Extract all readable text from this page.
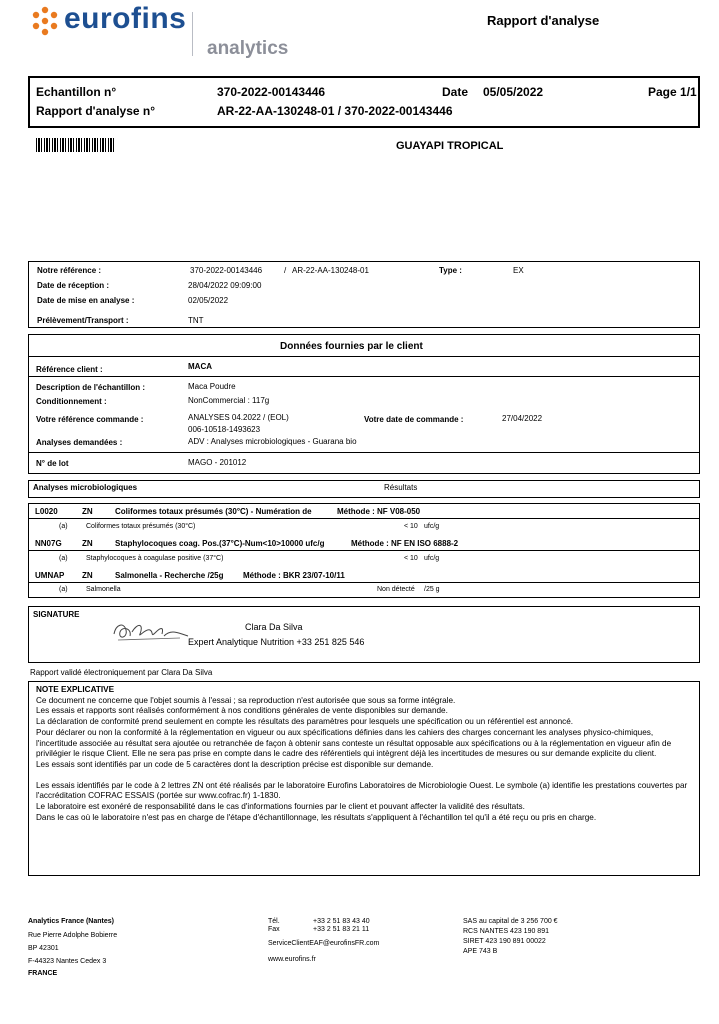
eurofins
analytics
Rapport d'analyse
Echantillon n°	370-2022-00143446	Date 05/05/2022	Page 1/1
Rapport d'analyse n°	AR-22-AA-130248-01 / 370-2022-00143446
GUAYAPI TROPICAL
Notre référence :	370-2022-00143446	/ AR-22-AA-130248-01	Type :	EX
Date de réception :	28/04/2022 09:09:00
Date de mise en analyse :	02/05/2022
Prélèvement/Transport :	TNT
Données fournies par le client
Référence client :	MACA
Description de l'échantillon :	Maca Poudre
Conditionnement :	NonCommercial : 117g
Votre référence commande :	ANALYSES 04.2022 / (EOL)
006-10518-1493623
Votre date de commande :	27/04/2022
Analyses demandées :	ADV : Analyses microbiologiques - Guarana bio
N° de lot	MAGO - 201012
Analyses microbiologiques	Résultats
L0020	ZN	Coliformes totaux présumés (30°C) - Numération de	Méthode : NF V08-050
(a)	Coliformes totaux présumés (30°C)	< 10 ufc/g
NN07G	ZN	Staphylocoques coag. Pos.(37°C)-Num<10>10000 ufc/g	Méthode : NF EN ISO 6888-2
(a)	Staphylocoques à coagulase positive (37°C)	< 10 ufc/g
UMNAP ZN	Salmonella - Recherche /25g Méthode : BKR 23/07-10/11
(a)	Salmonella	Non détecté /25 g
SIGNATURE
Clara Da Silva
Expert Analytique Nutrition +33 251 825 546
Rapport validé électroniquement par Clara Da Silva

NOTE EXPLICATIVE

Ce document ne concerne que l'objet soumis à l'essai ; sa reproduction n'est autorisée que sous sa forme intégrale.

Les essais et rapports sont réalisés conformément à nos conditions générales de vente disponibles sur demande.

La déclaration de conformité prend seulement en compte les résultats des paramètres pour lesquels une spécification ou un référentiel est annoncé.

Pour déclarer ou non la conformité à la réglementation en vigueur ou aux spécifications définies dans les cahiers des charges concernant les analyses physico-chimiques, l'incertitude associée au résultat sera ajoutée ou retranchée de façon à obtenir sans conteste un résultat opposable aux spécifications ou à la réglementation en vigueur afin de privilégier le risque Client. Elle ne sera pas prise en compte dans le cadre des référentiels qui intègrent déjà les incertitudes de mesures ou sur demande explicite du client.

Les essais sont identifiés par un code de 5 caractères dont la description précise est disponible sur demande.

Les essais identifiés par le code à 2 lettres ZN ont été réalisés par le laboratoire Eurofins Laboratoires de Microbiologie Ouest. Le symbole (a) identifie les prestations couvertes par l'accréditation COFRAC ESSAIS (portée sur www.cofrac.fr) 1-1830.

Le laboratoire est exonéré de responsabilité dans le cas d'informations fournies par le client et pouvant affecter la validité des résultats.

Dans le cas où le laboratoire n'est pas en charge de l'étape d'échantillonnage, les résultats s'appliquent à l'échantillon tel qu'il a été reçu ou pris en charge.

Analytics France (Nantes)
Rue Pierre Adolphe Bobierre
BP 42301
F-44323 Nantes Cedex 3
FRANCE
Tél.	+33 2 51 83 43 40
Fax	+33 2 51 83 21 11
ServiceClientEAF@eurofinsFR.com
www.eurofins.fr
SAS au capital de 3 256 700 €
RCS NANTES 423 190 891
SIRET 423 190 891 00022
APE 743 B
